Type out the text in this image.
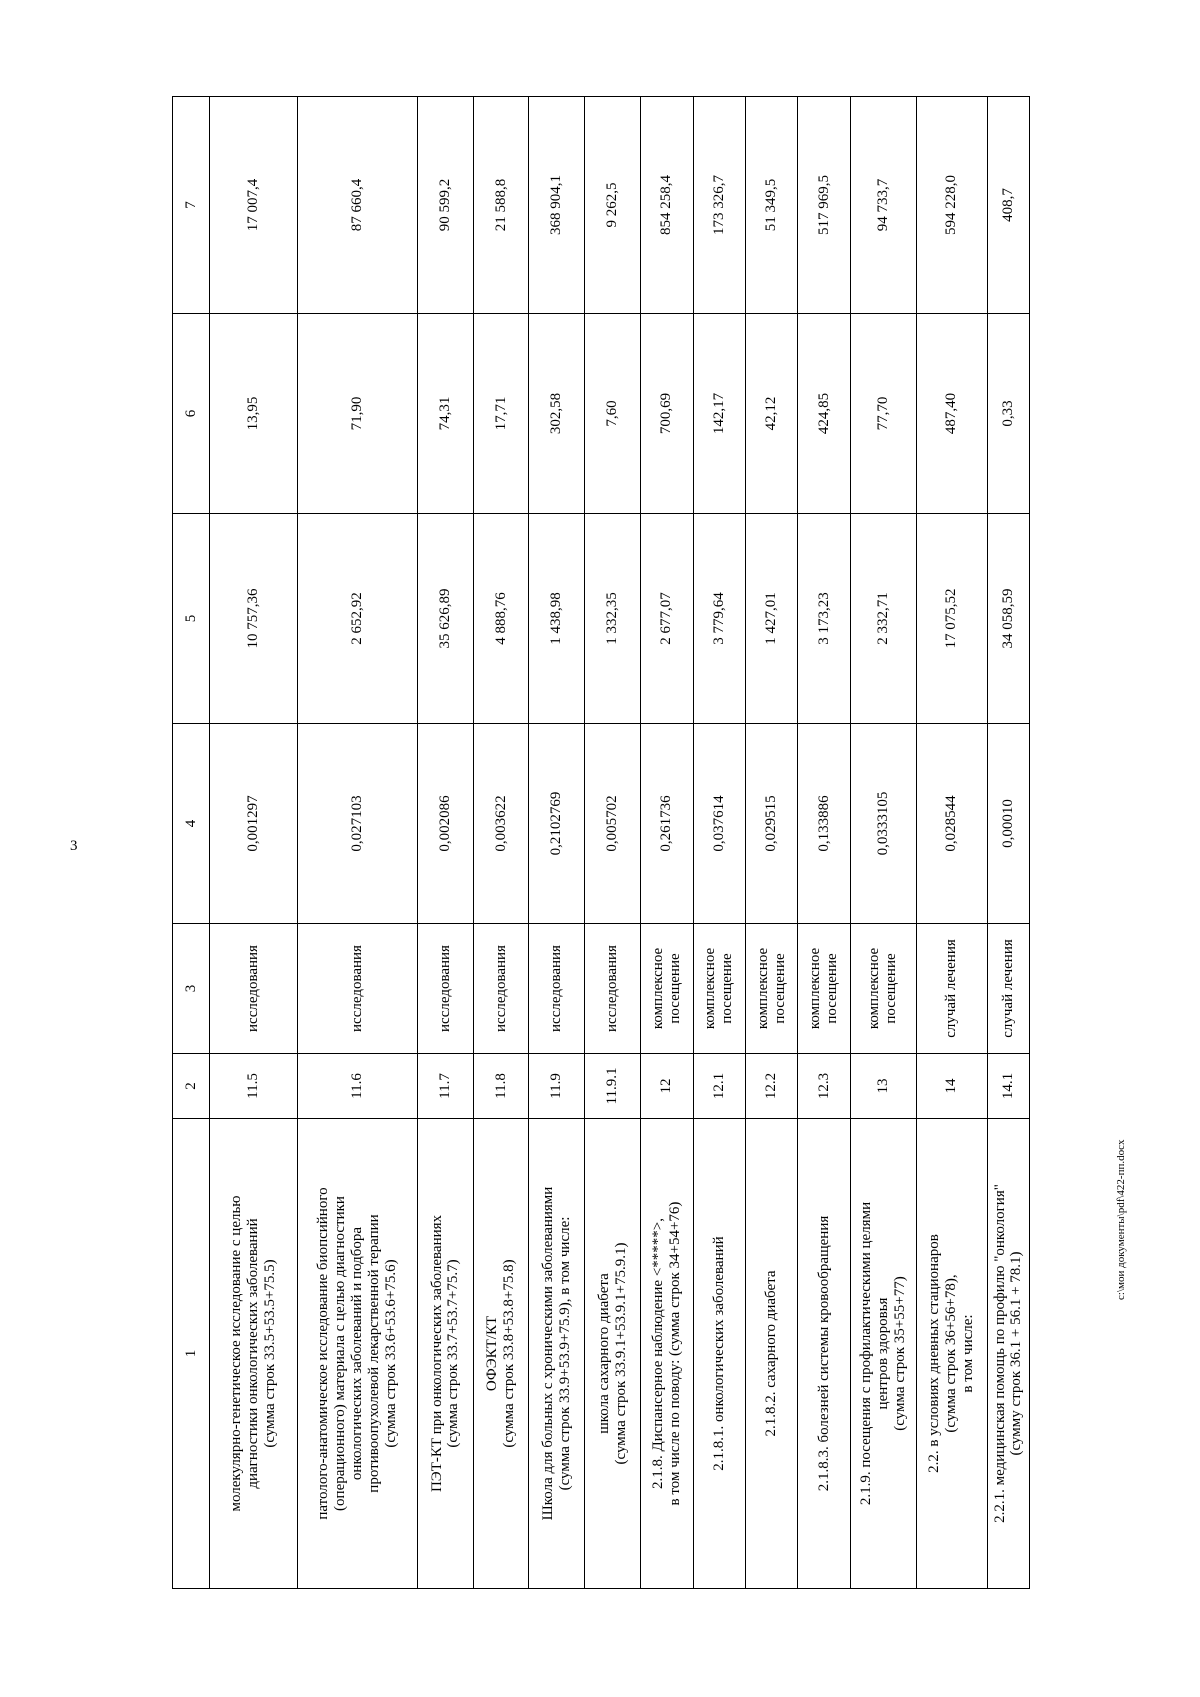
3
1	2	3	4	5	6	7

молекулярно-генетическое исследование с целью диагностики онкологических заболеваний (сумма строк 33.5+53.5+75.5)	11.5	исследования	0,001297	10 757,36	13,95	17 007,4

патолого-анатомическое исследование биопсийного (операционного) материала с целью диагностики онкологических заболеваний и подбора противоопухолевой лекарственной терапии (сумма строк 33.6+53.6+75.6)	11.6	исследования	0,027103	2 652,92	71,90	87 660,4

ПЭТ-КТ при онкологических заболеваниях (сумма строк 33.7+53.7+75.7)	11.7	исследования	0,002086	35 626,89	74,31	90 599,2

ОФЭКТ/КТ (сумма строк 33.8+53.8+75.8)	11.8	исследования	0,003622	4 888,76	17,71	21 588,8

Школа для больных с хроническими заболеваниями (сумма строк 33.9+53.9+75.9), в том числе:	11.9	исследования	0,2102769	1 438,98	302,58	368 904,1

школа сахарного диабета (сумма строк 33.9.1+53.9.1+75.9.1)	11.9.1	исследования	0,005702	1 332,35	7,60	9 262,5

2.1.8. Диспансерное наблюдение <*****>, в том числе по поводу: (сумма строк 34+54+76)	12	комплексное посещение	0,261736	2 677,07	700,69	854 258,4

2.1.8.1. онкологических заболеваний	12.1	комплексное посещение	0,037614	3 779,64	142,17	173 326,7

2.1.8.2. сахарного диабета	12.2	комплексное посещение	0,029515	1 427,01	42,12	51 349,5

2.1.8.3. болезней системы кровообращения	12.3	комплексное посещение	0,133886	3 173,23	424,85	517 969,5

2.1.9. посещения с профилактическими целями центров здоровья (сумма строк 35+55+77)	13	комплексное посещение	0,0333105	2 332,71	77,70	94 733,7

2.2. в условиях дневных стационаров (сумма строк 36+56+78), в том числе:	14	случай лечения	0,028544	17 075,52	487,40	594 228,0

2.2.1. медицинская помощь по профилю "онкология" (сумму строк 36.1 + 56.1 + 78.1)	14.1	случай лечения	0,00010	34 058,59	0,33	408,7
c:\мои документы\pdf\422-пп.docx
